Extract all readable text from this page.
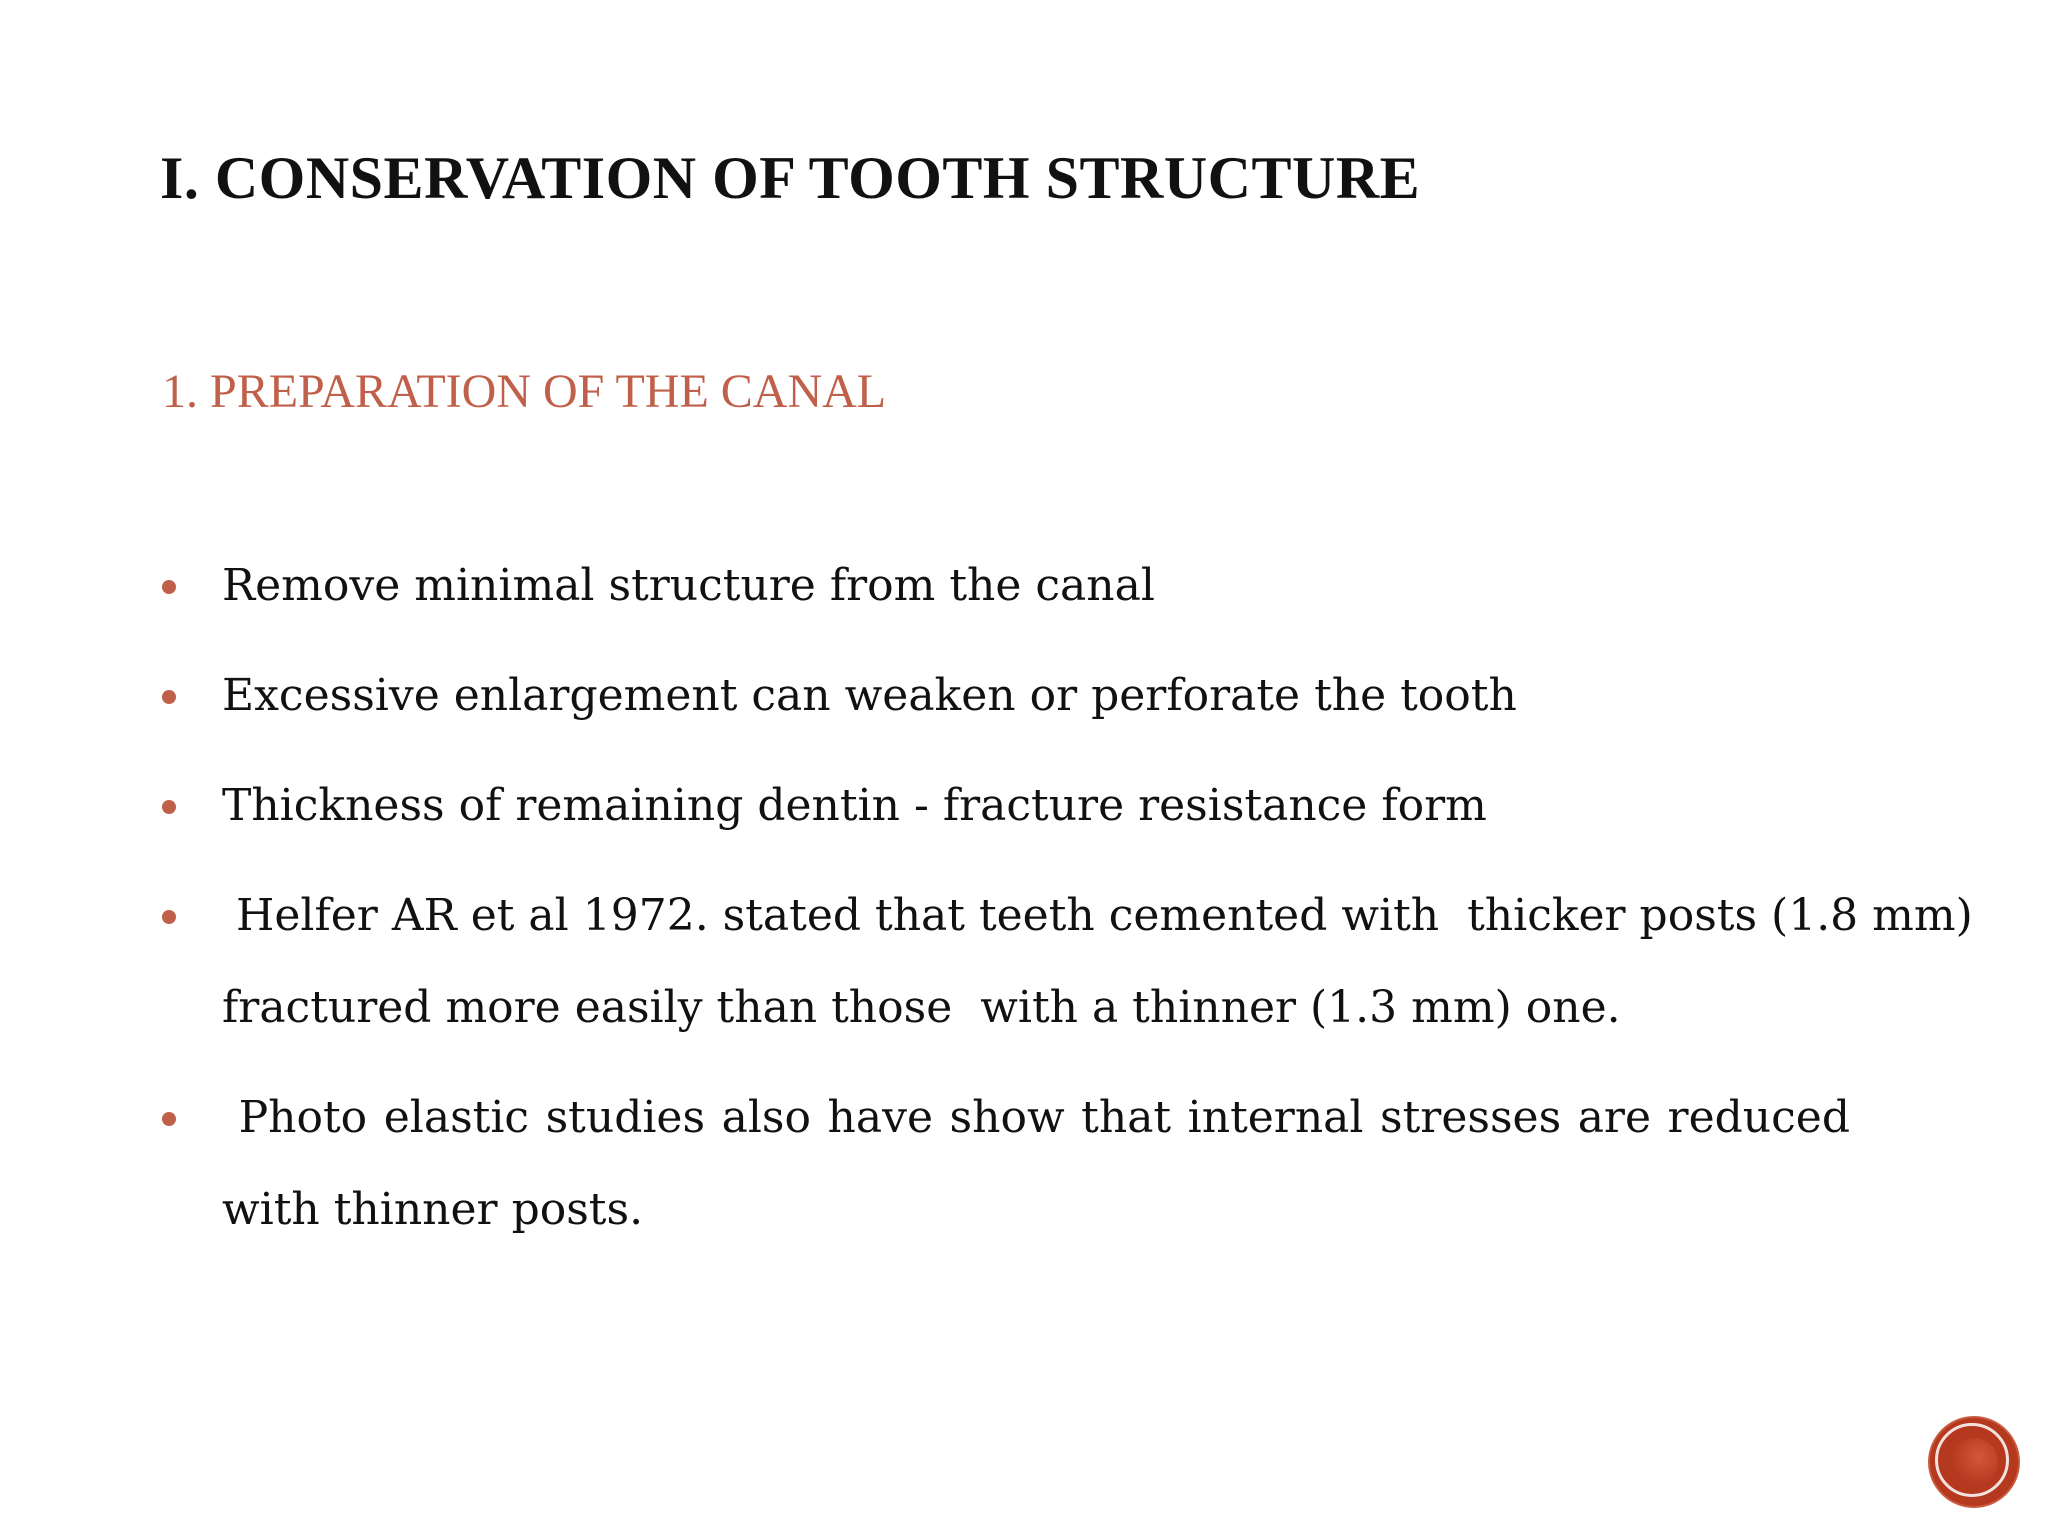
I. CONSERVATION OF TOOTH STRUCTURE
1. PREPARATION OF THE CANAL
Remove minimal structure from the canal
Excessive enlargement can weaken or perforate the tooth
Thickness of remaining dentin - fracture resistance form
Helfer AR et al 1972. stated that teeth cemented with  thicker posts (1.8 mm) fractured more easily than those  with a thinner (1.3 mm) one.
Photo elastic studies also have show that internal stresses are reduced with thinner posts.
